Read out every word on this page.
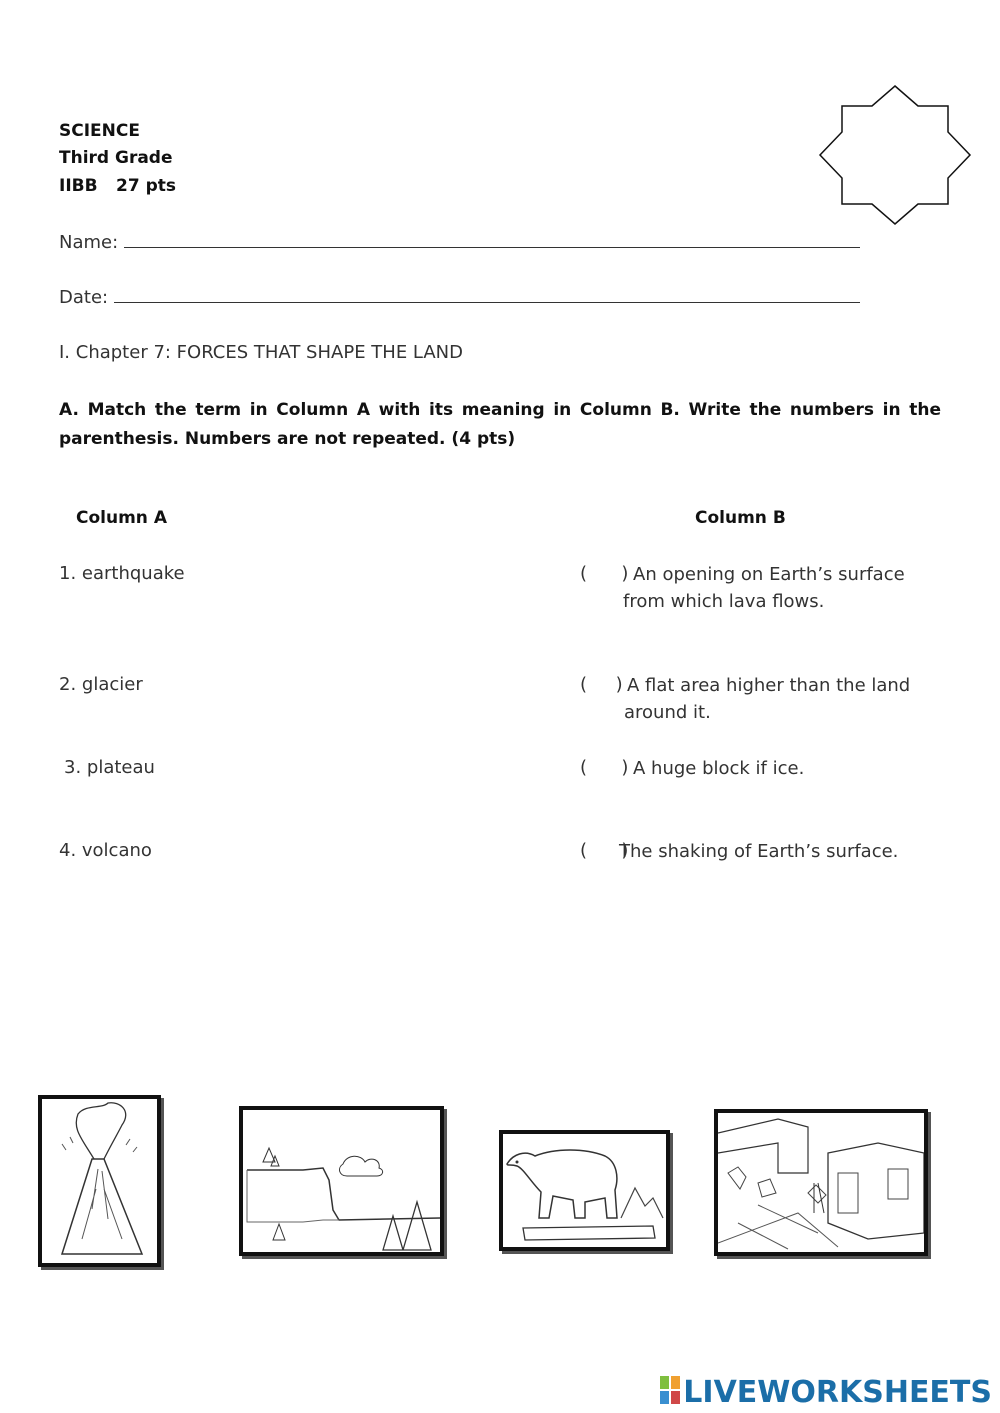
SCIENCE
Third Grade
IIBB 27 pts
Name:
Date:
I. Chapter 7: FORCES THAT SHAPE THE LAND
A. Match the term in Column A with its meaning in Column B. Write the numbers in the parenthesis. Numbers are not repeated. (4 pts)
Column A	Column B
1. earthquake
2. glacier
3. plateau
4. volcano
(      ) An opening on Earth’s surface
from which lava flows.
(     ) A flat area higher than the land
around it.
(      ) A huge block if ice.
(      )
The shaking of Earth’s surface.
LIVEWORKSHEETS
